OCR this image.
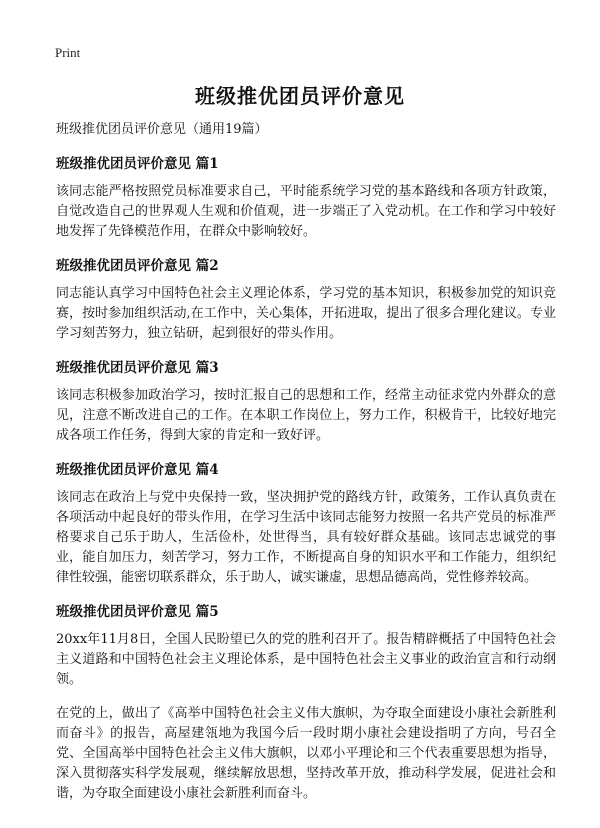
Print
班级推优团员评价意见

班级推优团员评价意见（通用19篇）

班级推优团员评价意见 篇1

该同志能严格按照党员标准要求自己，平时能系统学习党的基本路线和各项方针政策，自觉改造自己的世界观人生观和价值观，进一步端正了入党动机。在工作和学习中较好地发挥了先锋模范作用，在群众中影响较好。

班级推优团员评价意见 篇2

同志能认真学习中国特色社会主义理论体系，学习党的基本知识，积极参加党的知识竞赛，按时参加组织活动,在工作中，关心集体，开拓进取，提出了很多合理化建议。专业学习刻苦努力，独立钻研，起到很好的带头作用。

班级推优团员评价意见 篇3

该同志积极参加政治学习，按时汇报自己的思想和工作，经常主动征求党内外群众的意见，注意不断改进自己的工作。在本职工作岗位上，努力工作，积极肯干，比较好地完成各项工作任务，得到大家的肯定和一致好评。

班级推优团员评价意见 篇4

该同志在政治上与党中央保持一致，坚决拥护党的路线方针，政策务，工作认真负责在各项活动中起良好的带头作用，在学习生活中该同志能努力按照一名共产党员的标准严格要求自己乐于助人，生活俭朴，处世得当，具有较好群众基础。该同志忠诚党的事业，能自加压力，刻苦学习，努力工作，不断提高自身的知识水平和工作能力，组织纪律性较强，能密切联系群众，乐于助人，诚实谦虚，思想品德高尚，党性修养较高。

班级推优团员评价意见 篇5

20xx年11月8日，全国人民盼望已久的党的胜利召开了。报告精辟概括了中国特色社会主义道路和中国特色社会主义理论体系，是中国特色社会主义事业的政治宣言和行动纲领。

在党的上，做出了《高举中国特色社会主义伟大旗帜，为夺取全面建设小康社会新胜利而奋斗》的报告，高屋建瓴地为我国今后一段时期小康社会建设指明了方向，号召全党、全国高举中国特色社会主义伟大旗帜，以邓小平理论和三个代表重要思想为指导，深入贯彻落实科学发展观，继续解放思想，坚持改革开放，推动科学发展，促进社会和谐，为夺取全面建设小康社会新胜利而奋斗。
